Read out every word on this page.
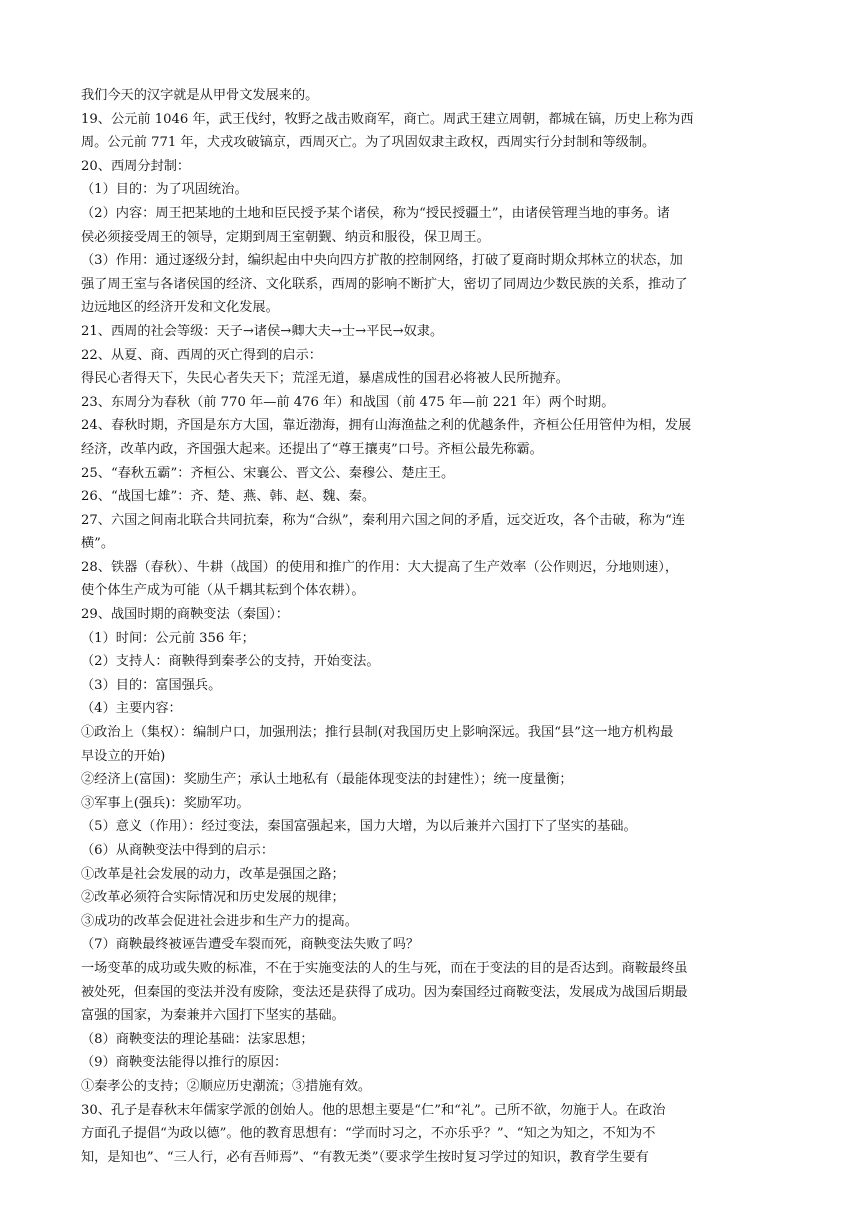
我们今天的汉字就是从甲骨文发展来的。
19、公元前 1046 年，武王伐纣，牧野之战击败商军，商亡。周武王建立周朝，都城在镐，历史上称为西
周。公元前 771 年，犬戎攻破镐京，西周灭亡。为了巩固奴隶主政权，西周实行分封制和等级制。
20、西周分封制：
（1）目的：为了巩固统治。
（2）内容：周王把某地的土地和臣民授予某个诸侯，称为“授民授疆土”，由诸侯管理当地的事务。诸
侯必须接受周王的领导，定期到周王室朝觐、纳贡和服役，保卫周王。
（3）作用：通过逐级分封，编织起由中央向四方扩散的控制网络，打破了夏商时期众邦林立的状态，加
强了周王室与各诸侯国的经济、文化联系，西周的影响不断扩大，密切了同周边少数民族的关系，推动了
边远地区的经济开发和文化发展。
21、西周的社会等级：天子→诸侯→卿大夫→士→平民→奴隶。
22、从夏、商、西周的灭亡得到的启示：
得民心者得天下，失民心者失天下；荒淫无道，暴虐成性的国君必将被人民所抛弃。
23、东周分为春秋（前 770 年—前 476 年）和战国（前 475 年—前 221 年）两个时期。
24、春秋时期，齐国是东方大国，靠近渤海，拥有山海渔盐之利的优越条件，齐桓公任用管仲为相，发展
经济，改革内政，齐国强大起来。还提出了“尊王攘夷”口号。齐桓公最先称霸。
25、“春秋五霸”：齐桓公、宋襄公、晋文公、秦穆公、楚庄王。
26、“战国七雄”：齐、楚、燕、韩、赵、魏、秦。
27、六国之间南北联合共同抗秦，称为“合纵”，秦利用六国之间的矛盾，远交近攻，各个击破，称为“连
横”。
28、铁器（春秋）、牛耕（战国）的使用和推广的作用：大大提高了生产效率（公作则迟，分地则速），
使个体生产成为可能（从千耦其耘到个体农耕）。
29、战国时期的商鞅变法（秦国）：
（1）时间：公元前 356 年；
（2）支持人：商鞅得到秦孝公的支持，开始变法。
（3）目的：富国强兵。
（4）主要内容：
①政治上（集权）：编制户口，加强刑法；推行县制(对我国历史上影响深远。我国“县”这一地方机构最
早设立的开始)
②经济上(富国)：奖励生产；承认土地私有（最能体现变法的封建性）；统一度量衡；
③军事上(强兵)：奖励军功。
（5）意义（作用）：经过变法，秦国富强起来，国力大增，为以后兼并六国打下了坚实的基础。
（6）从商鞅变法中得到的启示：
①改革是社会发展的动力，改革是强国之路；
②改革必须符合实际情况和历史发展的规律；
③成功的改革会促进社会进步和生产力的提高。
（7）商鞅最终被诬告遭受车裂而死，商鞅变法失败了吗？
一场变革的成功或失败的标准，不在于实施变法的人的生与死，而在于变法的目的是否达到。商鞍最终虽
被处死，但秦国的变法并没有废除，变法还是获得了成功。因为秦国经过商鞍变法，发展成为战国后期最
富强的国家，为秦兼并六国打下坚实的基础。
（8）商鞅变法的理论基础：法家思想；
（9）商鞅变法能得以推行的原因：
①秦孝公的支持；②顺应历史潮流；③措施有效。
30、孔子是春秋末年儒家学派的创始人。他的思想主要是“仁”和“礼”。己所不欲，勿施于人。在政治
方面孔子提倡“为政以德”。他的教育思想有：“学而时习之，不亦乐乎？”、“知之为知之，不知为不
知，是知也”、“三人行，必有吾师焉”、“有教无类”（要求学生按时复习学过的知识，教育学生要有
